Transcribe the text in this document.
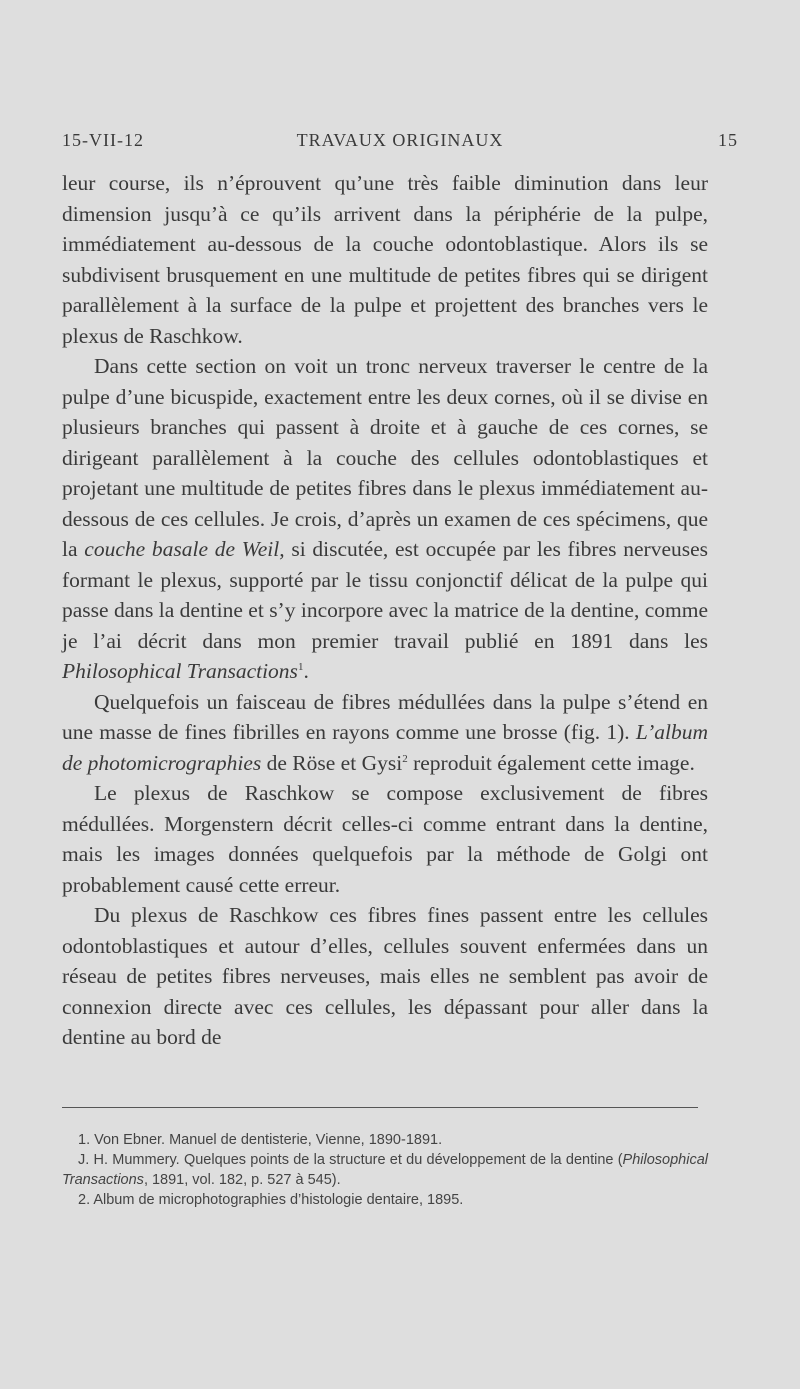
15-VII-12	TRAVAUX ORIGINAUX	15

leur course, ils n’éprouvent qu’une très faible diminution dans leur dimension jusqu’à ce qu’ils arrivent dans la périphérie de la pulpe, immédiatement au-dessous de la couche odontoblastique. Alors ils se subdivisent brusquement en une multitude de petites fibres qui se dirigent parallèlement à la surface de la pulpe et projettent des branches vers le plexus de Raschkow.

Dans cette section on voit un tronc nerveux traverser le centre de la pulpe d’une bicuspide, exactement entre les deux cornes, où il se divise en plusieurs branches qui passent à droite et à gauche de ces cornes, se dirigeant parallèlement à la couche des cellules odontoblastiques et projetant une multitude de petites fibres dans le plexus immédiatement au-dessous de ces cellules. Je crois, d’après un examen de ces spécimens, que la couche basale de Weil, si discutée, est occupée par les fibres nerveuses formant le plexus, supporté par le tissu conjonctif délicat de la pulpe qui passe dans la dentine et s’y incorpore avec la matrice de la dentine, comme je l’ai décrit dans mon premier travail publié en 1891 dans les Philosophical Transactions$^1$.

Quelquefois un faisceau de fibres médullées dans la pulpe s’étend en une masse de fines fibrilles en rayons comme une brosse (fig. 1). L’album de photomicrographies de Röse et Gysi$^2$ reproduit également cette image.

Le plexus de Raschkow se compose exclusivement de fibres médullées. Morgenstern décrit celles-ci comme entrant dans la dentine, mais les images données quelquefois par la méthode de Golgi ont probablement causé cette erreur.

Du plexus de Raschkow ces fibres fines passent entre les cellules odontoblastiques et autour d’elles, cellules souvent enfermées dans un réseau de petites fibres nerveuses, mais elles ne semblent pas avoir de connexion directe avec ces cellules, les dépassant pour aller dans la dentine au bord de

1. Von Ebner. Manuel de dentisterie, Vienne, 1890-1891.

J. H. Mummery. Quelques points de la structure et du développement de la dentine (Philosophical Transactions, 1891, vol. 182, p. 527 à 545).

2. Album de microphotographies d’histologie dentaire, 1895.
